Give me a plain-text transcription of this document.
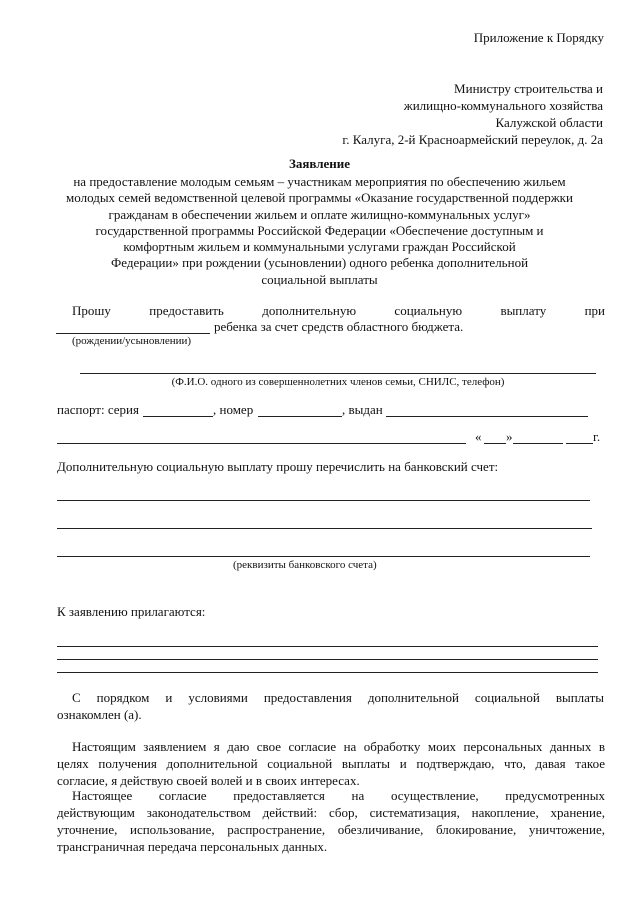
Приложение к Порядку
Министру строительства и
жилищно-коммунального хозяйства
Калужской области
г. Калуга, 2-й Красноармейский переулок, д. 2а
Заявление
на предоставление молодым семьям – участникам мероприятия по обеспечению жильем
молодых семей ведомственной целевой программы «Оказание государственной поддержки
гражданам в обеспечении жильем и оплате жилищно-коммунальных услуг»
государственной программы Российской Федерации «Обеспечение доступным и
комфортным жильем и коммунальными услугами граждан Российской
Федерации» при рождении (усыновлении) одного ребенка дополнительной
социальной выплаты
Прошу	предоставить	дополнительную	социальную	выплату	при
ребенка за счет средств областного бюджета.
(рождении/усыновлении)
(Ф.И.О. одного из совершеннолетних членов семьи, СНИЛС, телефон)
паспорт: серия	, номер	, выдан
« »	г.
Дополнительную социальную выплату прошу перечислить на банковский счет:
(реквизиты банковского счета)
К заявлению прилагаются:
С порядком и условиями предоставления дополнительной социальной выплаты
ознакомлен (а).
Настоящим заявлением я даю свое согласие на обработку моих персональных данных в
целях получения дополнительной социальной выплаты и подтверждаю, что, давая такое
согласие, я действую своей волей и в своих интересах.
Настоящее согласие предоставляется на осуществление, предусмотренных
действующим законодательством действий: сбор, систематизация, накопление, хранение,
уточнение, использование, распространение, обезличивание, блокирование, уничтожение,
трансграничная передача персональных данных.
